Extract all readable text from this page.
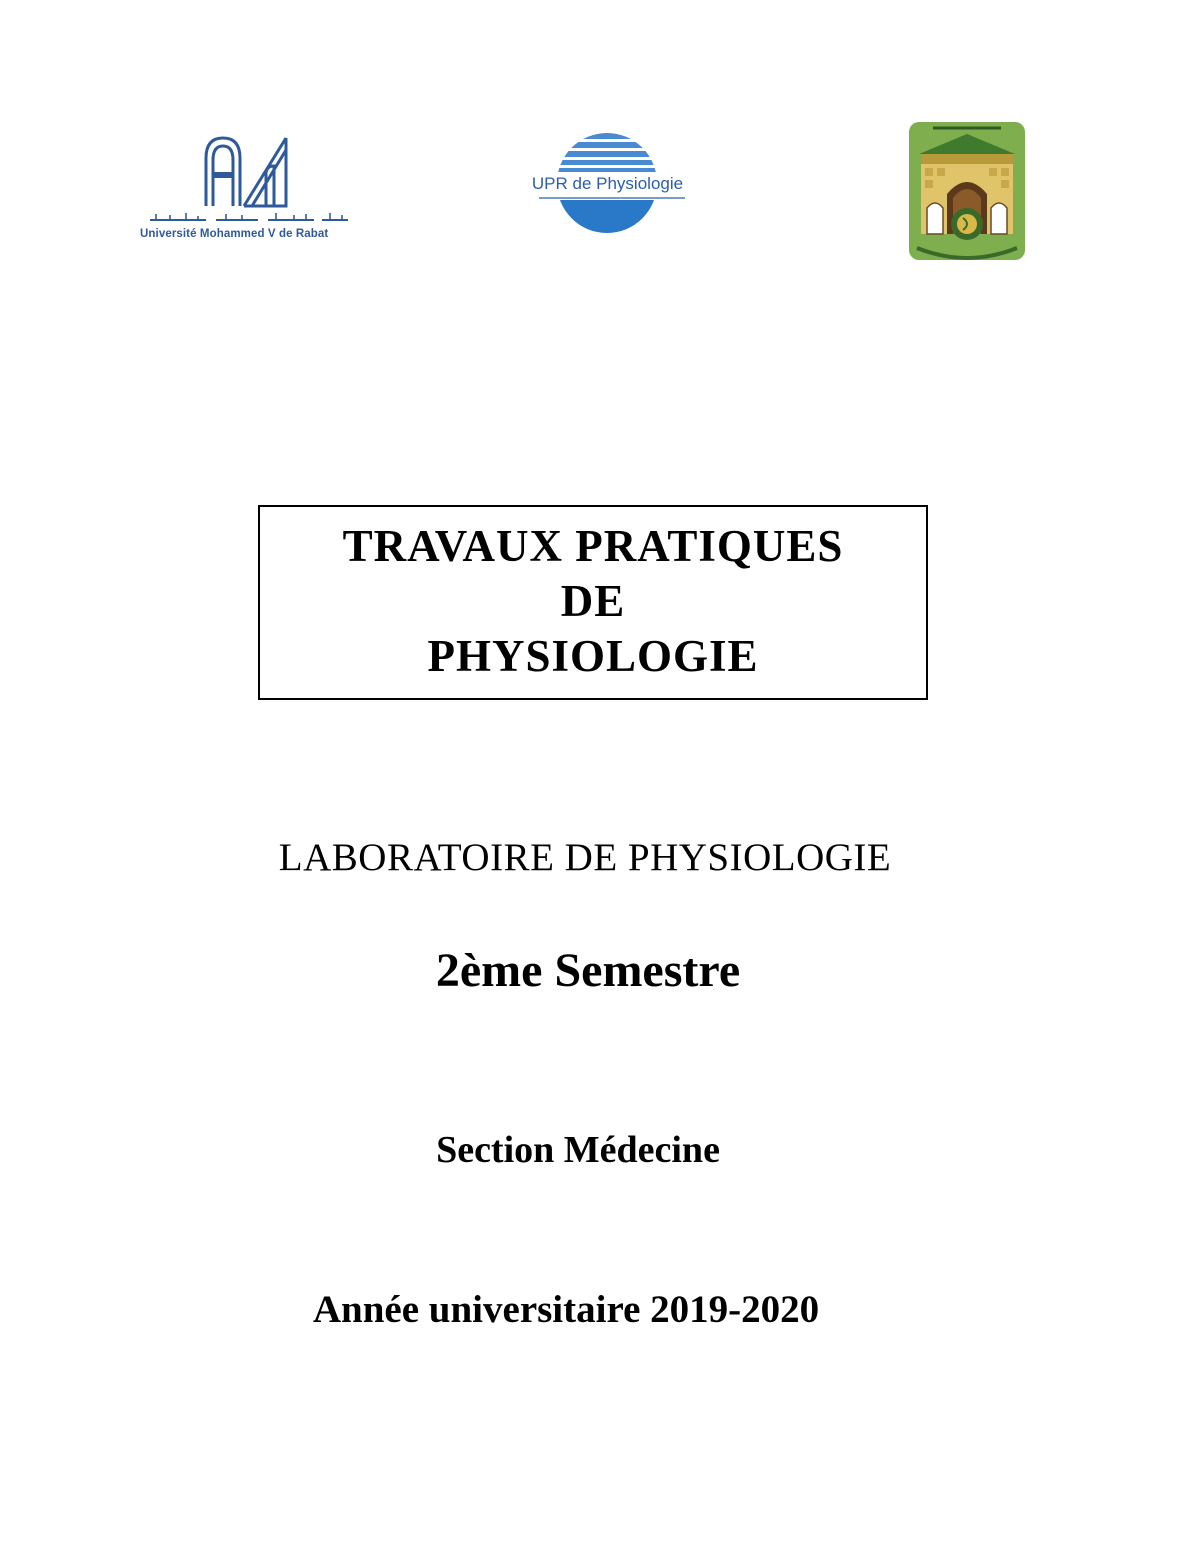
Université Mohammed V de Rabat
UPR de Physiologie
TRAVAUX PRATIQUES
DE
PHYSIOLOGIE
LABORATOIRE DE PHYSIOLOGIE
2ème Semestre
Section Médecine
Année universitaire 2019-2020
